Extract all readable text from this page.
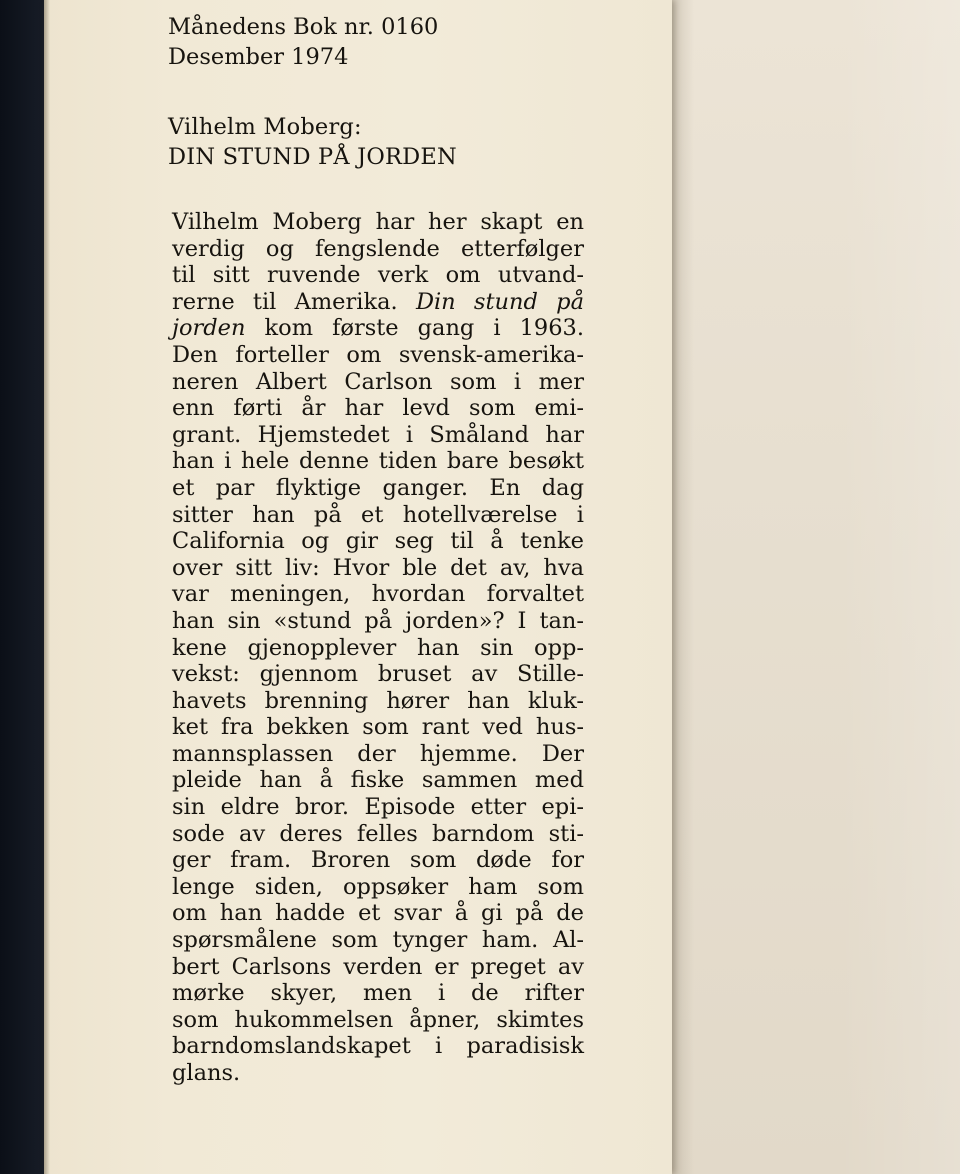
Månedens Bok nr. 0160

Desember 1974

Vilhelm Moberg:

DIN STUND PÅ JORDEN

Vilhelm Moberg har her skapt en
verdig og fengslende etterfølger
til sitt ruvende verk om utvand-
rerne til Amerika. Din stund på
jorden kom første gang i 1963.
Den forteller om svensk-amerika-
neren Albert Carlson som i mer
enn førti år har levd som emi-
grant. Hjemstedet i Småland har
han i hele denne tiden bare besøkt
et par flyktige ganger. En dag
sitter han på et hotellværelse i
California og gir seg til å tenke
over sitt liv: Hvor ble det av, hva
var meningen, hvordan forvaltet
han sin «stund på jorden»? I tan-
kene gjenopplever han sin opp-
vekst: gjennom bruset av Stille-
havets brenning hører han kluk-
ket fra bekken som rant ved hus-
mannsplassen der hjemme. Der
pleide han å fiske sammen med
sin eldre bror. Episode etter epi-
sode av deres felles barndom sti-
ger fram. Broren som døde for
lenge siden, oppsøker ham som
om han hadde et svar å gi på de
spørsmålene som tynger ham. Al-
bert Carlsons verden er preget av
mørke skyer, men i de rifter
som hukommelsen åpner, skimtes
barndomslandskapet i paradisisk
glans.
